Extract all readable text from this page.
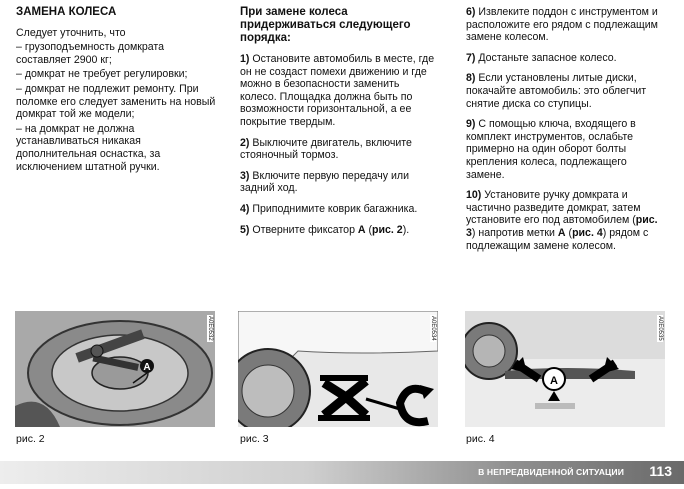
ЗАМЕНА КОЛЕСА
Следует уточнить, что
– грузоподъемность домкрата составляет 2900 кг;
– домкрат не требует регулировки;
– домкрат не подлежит ремонту. При поломке его следует заменить на новый домкрат той же модели;
– на домкрат не должна устанавливаться никакая дополнительная оснастка, за исключением штатной ручки.
При замене колеса придерживаться следующего порядка:
1) Остановите автомобиль в месте, где он не создаст помехи движению и где можно в безопасности заменить колесо. Площадка должна быть по возможности горизонтальной, а ее покрытие твердым.
2) Выключите двигатель, включите стояночный тормоз.
3) Включите первую передачу или задний ход.
4) Приподнимите коврик багажника.
5) Отверните фиксатор A (рис. 2).
6) Извлеките поддон с инструментом и расположите его рядом с подлежащим замене колесом.
7) Достаньте запасное колесо.
8) Если установлены литые диски, покачайте автомобиль: это облегчит снятие диска со ступицы.
9) С помощью ключа, входящего в комплект инструментов, ослабьте примерно на один оборот болты крепления колеса, подлежащего замене.
10) Установите ручку домкрата и частично разведите домкрат, затем установите его под автомобилем (рис. 3) напротив метки A (рис. 4) рядом с подлежащим замене колесом.
A
A0E0532	A0E0534
A
A0E0535
рис. 2	рис. 3	рис. 4
В НЕПРЕДВИДЕННОЙ СИТУАЦИИ 113
